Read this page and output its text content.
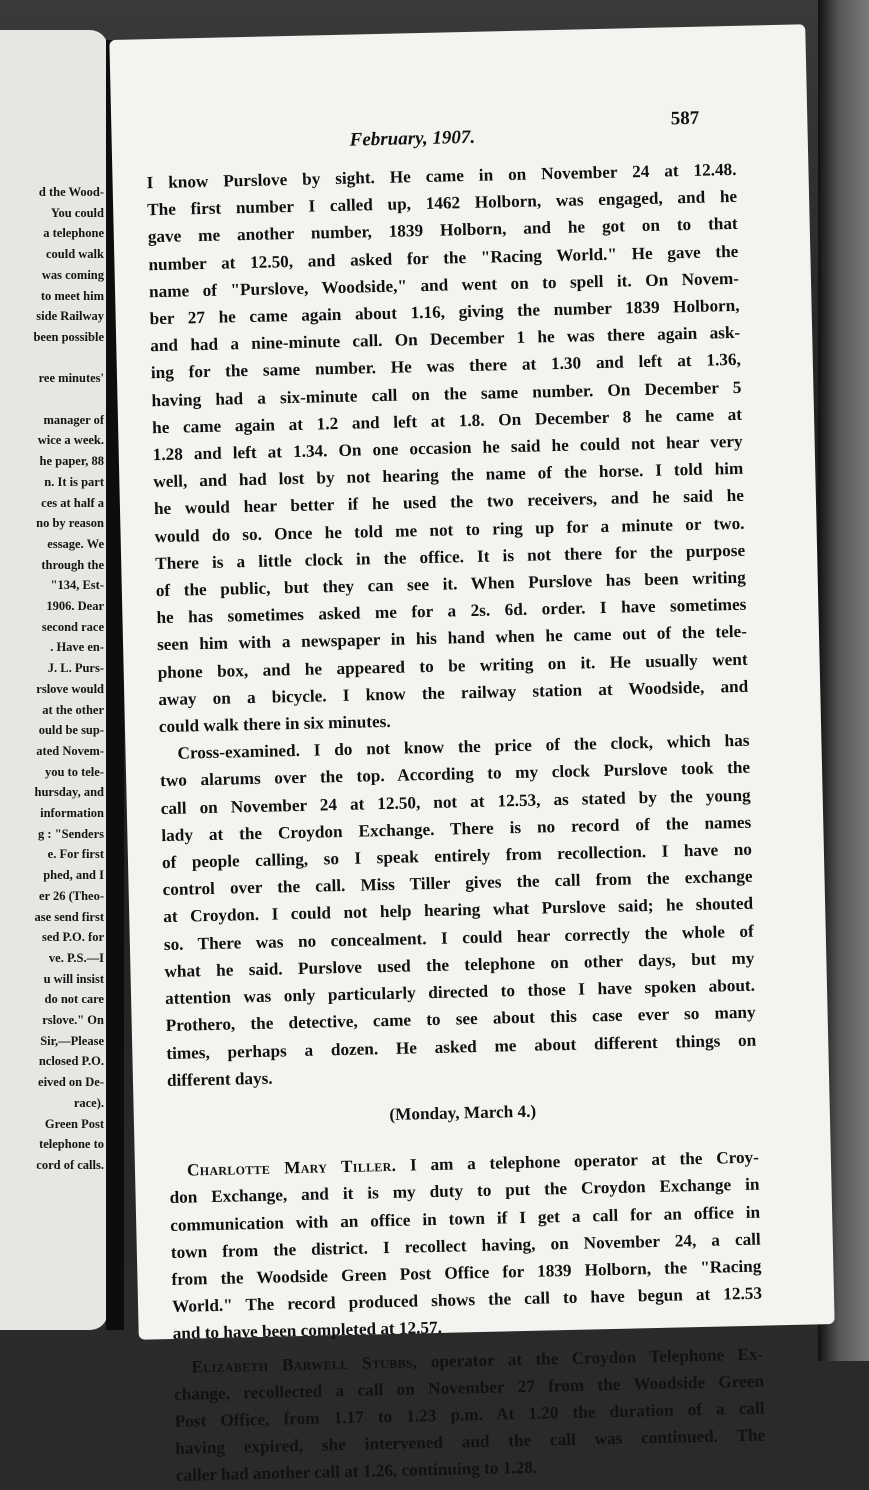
d the Wood-
You could
a telephone
could walk
was coming
to meet him
side Railway
been possible
ree minutes'
manager of
wice a week.
he paper, 88
n. It is part
ces at half a
no by reason
essage. We
through the
"134, Est-
1906. Dear
second race
. Have en-
J. L. Purs-
rslove would
at the other
ould be sup-
ated Novem-
you to tele-
hursday, and
information
g : "Senders
e. For first
phed, and I
er 26 (Theo-
ase send first
sed P.O. for
ve. P.S.—I
u will insist
do not care
rslove." On
Sir,—Please
nclosed P.O.
eived on De-
race).
Green Post
telephone to
cord of calls.
February, 1907.
587
I know Purslove by sight. He came in on November 24 at 12.48.
The first number I called up, 1462 Holborn, was engaged, and he
gave me another number, 1839 Holborn, and he got on to that
number at 12.50, and asked for the "Racing World." He gave the
name of "Purslove, Woodside," and went on to spell it. On Novem-
ber 27 he came again about 1.16, giving the number 1839 Holborn,
and had a nine-minute call. On December 1 he was there again ask-
ing for the same number. He was there at 1.30 and left at 1.36,
having had a six-minute call on the same number. On December 5
he came again at 1.2 and left at 1.8. On December 8 he came at
1.28 and left at 1.34. On one occasion he said he could not hear very
well, and had lost by not hearing the name of the horse. I told him
he would hear better if he used the two receivers, and he said he
would do so. Once he told me not to ring up for a minute or two.
There is a little clock in the office. It is not there for the purpose
of the public, but they can see it. When Purslove has been writing
he has sometimes asked me for a 2s. 6d. order. I have sometimes
seen him with a newspaper in his hand when he came out of the tele-
phone box, and he appeared to be writing on it. He usually went
away on a bicycle. I know the railway station at Woodside, and
could walk there in six minutes.
Cross-examined. I do not know the price of the clock, which has
two alarums over the top. According to my clock Purslove took the
call on November 24 at 12.50, not at 12.53, as stated by the young
lady at the Croydon Exchange. There is no record of the names
of people calling, so I speak entirely from recollection. I have no
control over the call. Miss Tiller gives the call from the exchange
at Croydon. I could not help hearing what Purslove said; he shouted
so. There was no concealment. I could hear correctly the whole of
what he said. Purslove used the telephone on other days, but my
attention was only particularly directed to those I have spoken about.
Prothero, the detective, came to see about this case ever so many
times, perhaps a dozen. He asked me about different things on
different days.
(Monday, March 4.)
Charlotte Mary Tiller. I am a telephone operator at the Croy-
don Exchange, and it is my duty to put the Croydon Exchange in
communication with an office in town if I get a call for an office in
town from the district. I recollect having, on November 24, a call
from the Woodside Green Post Office for 1839 Holborn, the "Racing
World." The record produced shows the call to have begun at 12.53
and to have been completed at 12.57.
Elizabeth Barwell Stubbs, operator at the Croydon Telephone Ex-
change, recollected a call on November 27 from the Woodside Green
Post Office, from 1.17 to 1.23 p.m. At 1.20 the duration of a call
having expired, she intervened and the call was continued. The
caller had another call at 1.26, continuing to 1.28.
